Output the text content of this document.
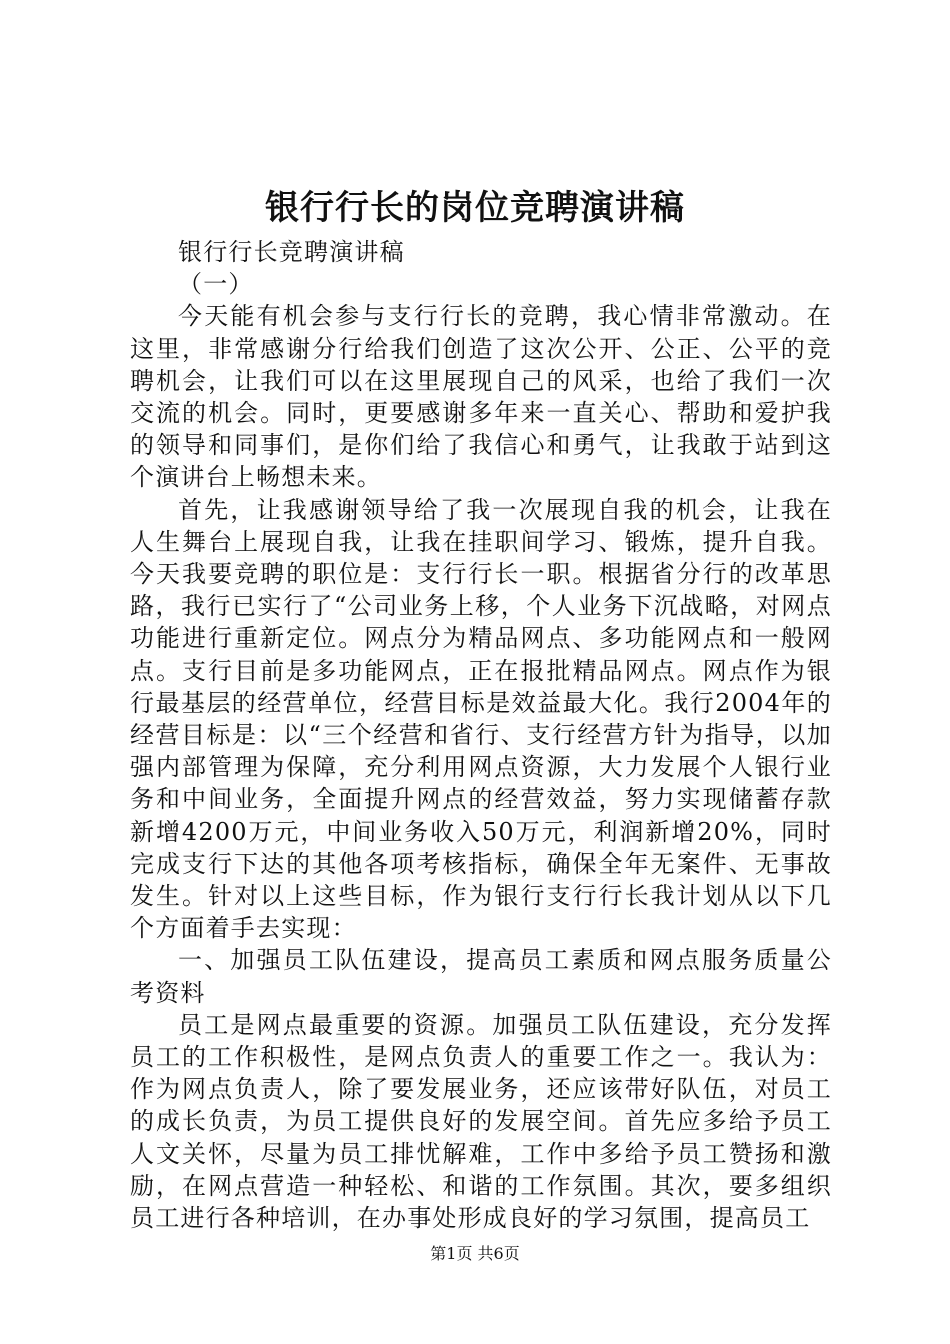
银行行长的岗位竞聘演讲稿

银行行长竞聘演讲稿

（一）

今天能有机会参与支行行长的竞聘，我心情非常激动。在这里，非常感谢分行给我们创造了这次公开、公正、公平的竞聘机会，让我们可以在这里展现自己的风采，也给了我们一次交流的机会。同时，更要感谢多年来一直关心、帮助和爱护我的领导和同事们，是你们给了我信心和勇气，让我敢于站到这个演讲台上畅想未来。

首先，让我感谢领导给了我一次展现自我的机会，让我在人生舞台上展现自我，让我在挂职间学习、锻炼，提升自我。今天我要竞聘的职位是：支行行长一职。根据省分行的改革思路，我行已实行了“公司业务上移，个人业务下沉战略，对网点功能进行重新定位。网点分为精品网点、多功能网点和一般网点。支行目前是多功能网点，正在报批精品网点。网点作为银行最基层的经营单位，经营目标是效益最大化。我行2004年的经营目标是：以“三个经营和省行、支行经营方针为指导，以加强内部管理为保障，充分利用网点资源，大力发展个人银行业务和中间业务，全面提升网点的经营效益，努力实现储蓄存款新增4200万元，中间业务收入50万元，利润新增20%，同时完成支行下达的其他各项考核指标，确保全年无案件、无事故发生。针对以上这些目标，作为银行支行行长我计划从以下几个方面着手去实现：

一、加强员工队伍建设，提高员工素质和网点服务质量公考资料

员工是网点最重要的资源。加强员工队伍建设，充分发挥员工的工作积极性，是网点负责人的重要工作之一。我认为：作为网点负责人，除了要发展业务，还应该带好队伍，对员工的成长负责，为员工提供良好的发展空间。首先应多给予员工人文关怀，尽量为员工排忧解难，工作中多给予员工赞扬和激励，在网点营造一种轻松、和谐的工作氛围。其次，要多组织员工进行各种培训，在办事处形成良好的学习氛围，提高员工

第1页 共6页
